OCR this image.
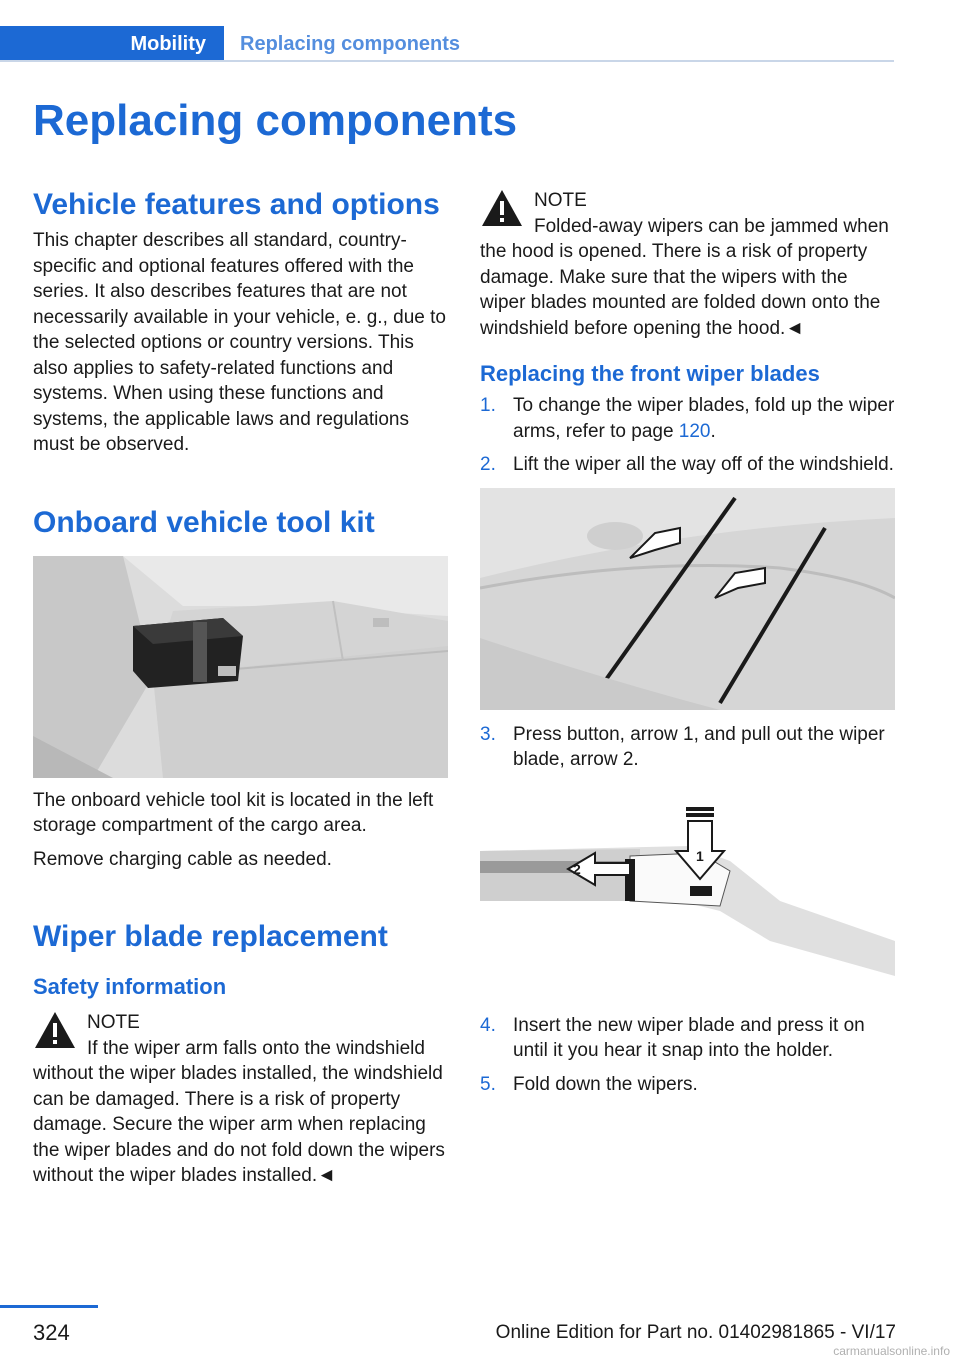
Mobility	Replacing components
Replacing components
Vehicle features and options

This chapter describes all standard, country-specific and optional features offered with the series. It also describes features that are not necessarily available in your vehicle, e. g., due to the selected options or country versions. This also applies to safety-related functions and systems. When using these functions and systems, the applicable laws and regulations must be observed.

Onboard vehicle tool kit

The onboard vehicle tool kit is located in the left storage compartment of the cargo area.

Remove charging cable as needed.

Wiper blade replacement
Safety information
NOTE

If the wiper arm falls onto the windshield without the wiper blades installed, the windshield can be damaged. There is a risk of property damage. Secure the wiper arm when replacing the wiper blades and do not fold down the wipers without the wiper blades installed.◄

NOTE

Folded-away wipers can be jammed when the hood is opened. There is a risk of property damage. Make sure that the wipers with the wiper blades mounted are folded down onto the windshield before opening the hood.◄

Replacing the front wiper blades
1. To change the wiper blades, fold up the wiper arms, refer to page 120.
2. Lift the wiper all the way off of the windshield.
3. Press button, arrow 1, and pull out the wiper blade, arrow 2.
2
1
4. Insert the new wiper blade and press it on until it you hear it snap into the holder.
5. Fold down the wipers.
324	Online Edition for Part no. 01402981865 - VI/17
carmanualsonline.info
